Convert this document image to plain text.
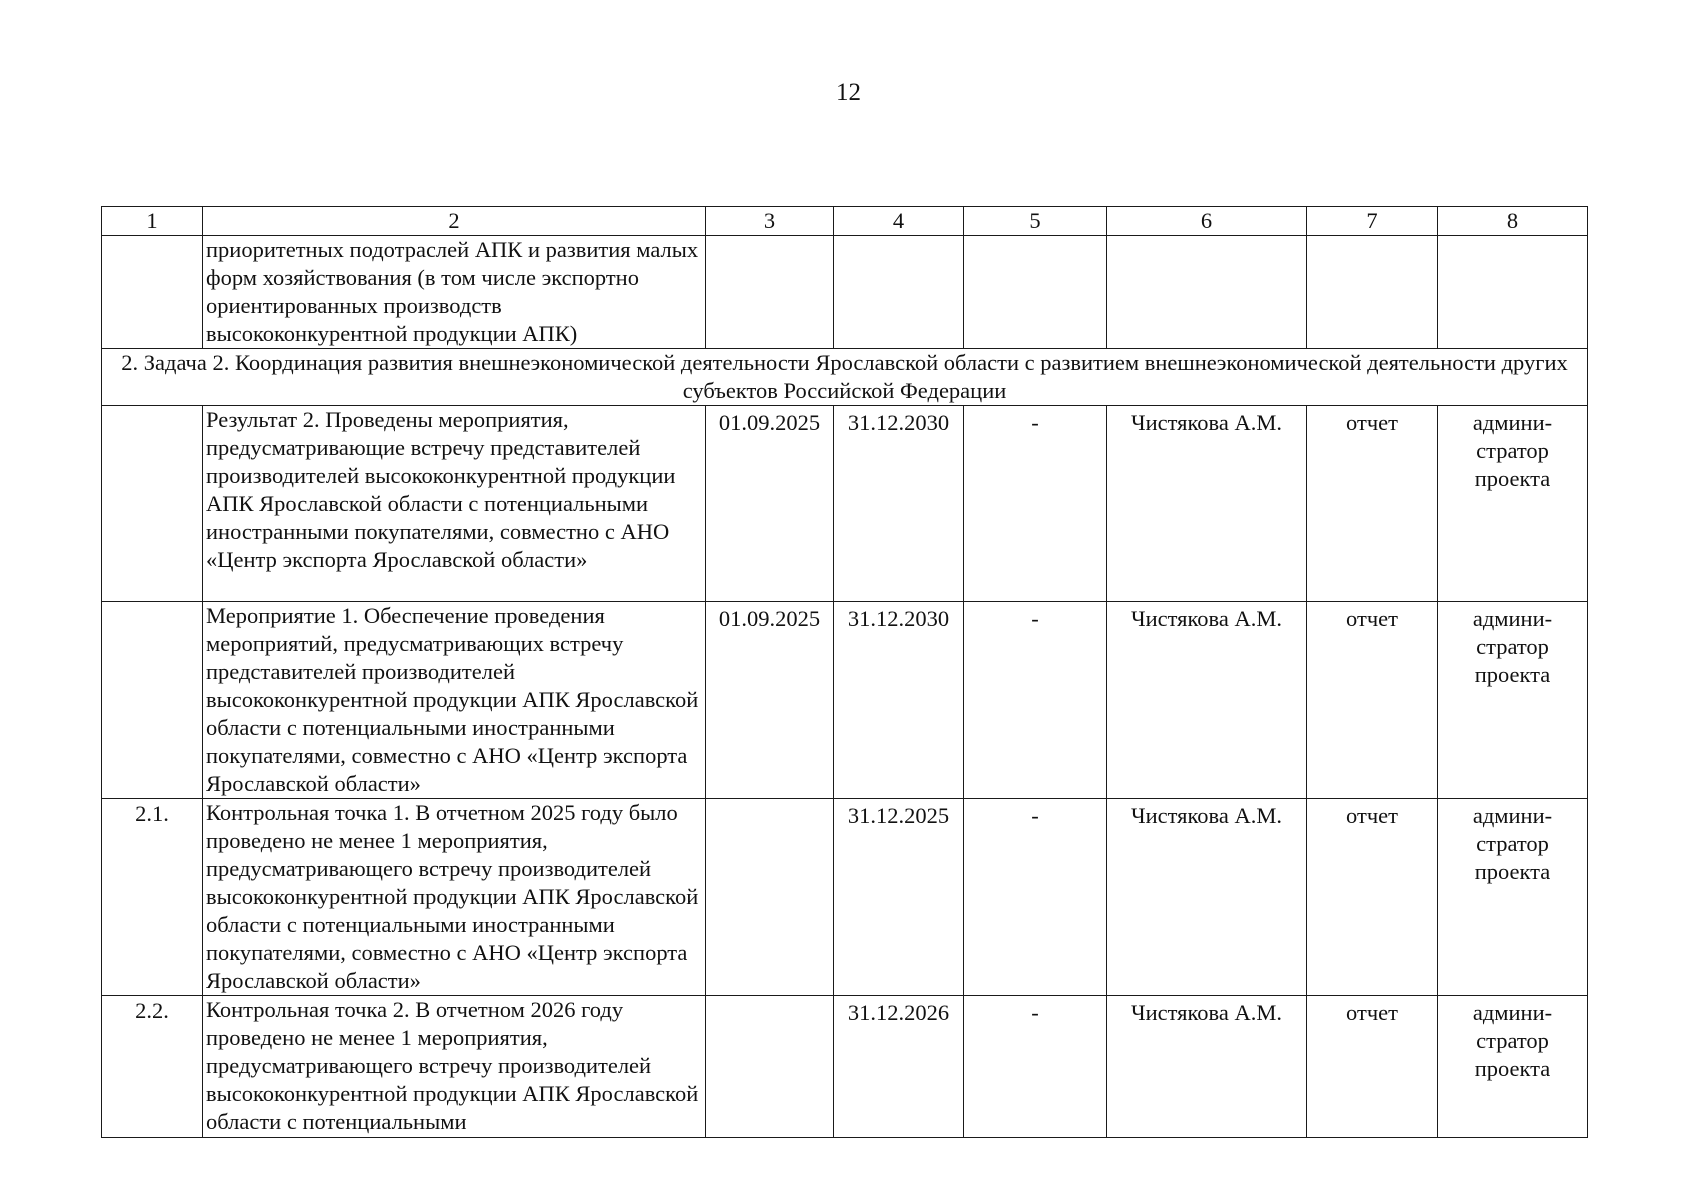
12
1	2	3	4	5	6	7	8
	приоритетных подотраслей АПК и развития малых форм хозяйствования (в том числе экспортно ориентированных производств высококонкурентной продукции АПК)						
2. Задача 2. Координация развития внешнеэкономической деятельности Ярославской области с развитием внешнеэкономической деятельности других субъектов Российской Федерации							
	Результат 2. Проведены мероприятия, предусматривающие встречу представителей производителей высококонкурентной продукции АПК Ярославской области с потенциальными иностранными покупателями, совместно с АНО «Центр экспорта Ярославской области»	01.09.2025	31.12.2030	-	Чистякова А.М.	отчет	админи-стратор проекта
	Мероприятие 1. Обеспечение проведения мероприятий, предусматривающих встречу представителей производителей высококонкурентной продукции АПК Ярославской области с потенциальными иностранными покупателями, совместно с АНО «Центр экспорта Ярославской области»	01.09.2025	31.12.2030	-	Чистякова А.М.	отчет	админи-стратор проекта
2.1.	Контрольная точка 1. В отчетном 2025 году было проведено не менее 1 мероприятия, предусматривающего встречу производителей высококонкурентной продукции АПК Ярославской области с потенциальными иностранными покупателями, совместно с АНО «Центр экспорта Ярославской области»		31.12.2025	-	Чистякова А.М.	отчет	админи-стратор проекта
2.2.	Контрольная точка 2. В отчетном 2026 году проведено не менее 1 мероприятия, предусматривающего встречу производителей высококонкурентной продукции АПК Ярославской области с потенциальными		31.12.2026	-	Чистякова А.М.	отчет	админи-стратор проекта
